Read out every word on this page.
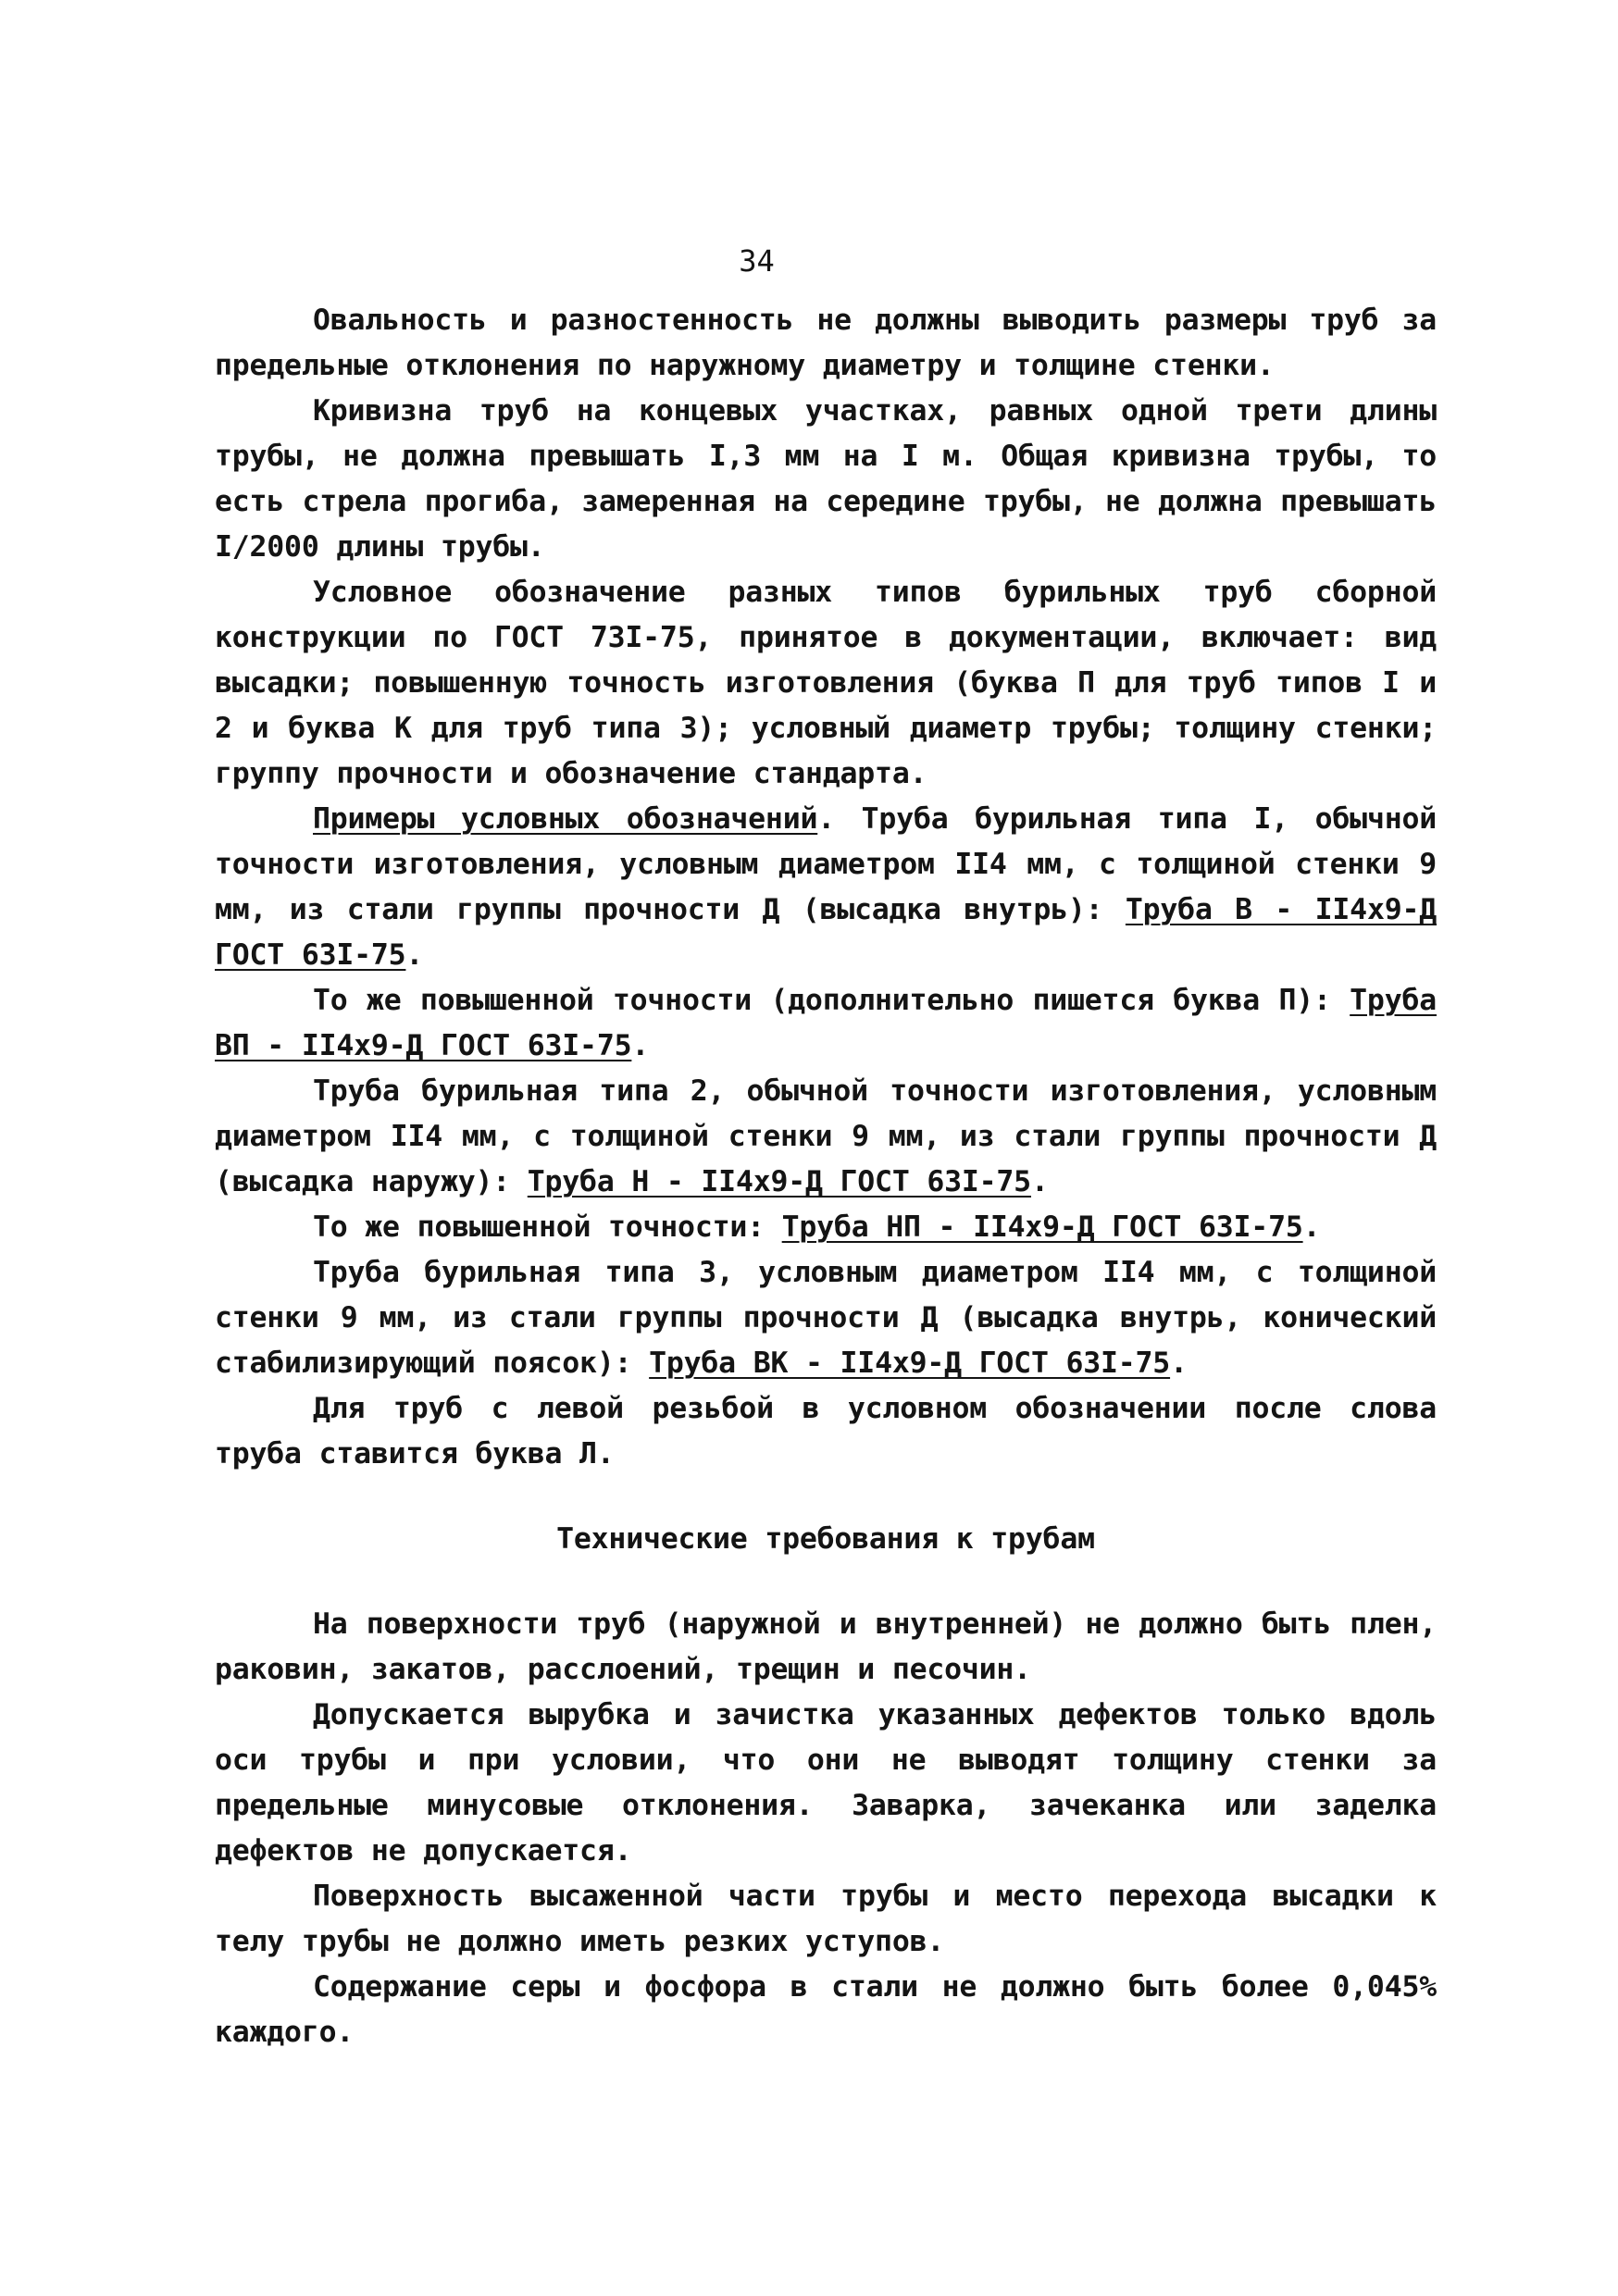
34

Овальность и разностенность не должны выводить размеры труб за предельные отклонения по наружному диаметру и толщине стенки.

Кривизна труб на концевых участках, равных одной трети длины трубы, не должна превышать I,3 мм на I м. Общая кривизна трубы, то есть стрела прогиба, замеренная на середине трубы, не должна превышать I/2000 длины трубы.

Условное обозначение разных типов бурильных труб сборной конструкции по ГОСТ 73I-75, принятое в документации, включает: вид высадки; повышенную точность изготовления (буква П для труб типов I и 2 и буква К для труб типа 3); условный диаметр трубы; толщину стенки; группу прочности и обозначение стандарта.

Примеры условных обозначений. Труба бурильная типа I, обычной точности изготовления, условным диаметром II4 мм, с толщиной стенки 9 мм, из стали группы прочности Д (высадка внутрь): Труба В - II4x9-Д ГОСТ 63I-75.

То же повышенной точности (дополнительно пишется буква П): Труба ВП - II4x9-Д ГОСТ 63I-75.

Труба бурильная типа 2, обычной точности изготовления, условным диаметром II4 мм, с толщиной стенки 9 мм, из стали группы прочности Д (высадка наружу): Труба Н - II4x9-Д ГОСТ 63I-75.

То же повышенной точности: Труба НП - II4x9-Д ГОСТ 63I-75.

Труба бурильная типа 3, условным диаметром II4 мм, с толщиной стенки 9 мм, из стали группы прочности Д (высадка внутрь, конический стабилизирующий поясок): Труба ВК - II4x9-Д ГОСТ 63I-75.

Для труб с левой резьбой в условном обозначении после слова труба ставится буква Л.

Технические требования к трубам

На поверхности труб (наружной и внутренней) не должно быть плен, раковин, закатов, расслоений, трещин и песочин.

Допускается вырубка и зачистка указанных дефектов только вдоль оси трубы и при условии, что они не выводят толщину стенки за предельные минусовые отклонения. Заварка, зачеканка или заделка дефектов не допускается.

Поверхность высаженной части трубы и место перехода высадки к телу трубы не должно иметь резких уступов.

Содержание серы и фосфора в стали не должно быть более 0,045% каждого.
